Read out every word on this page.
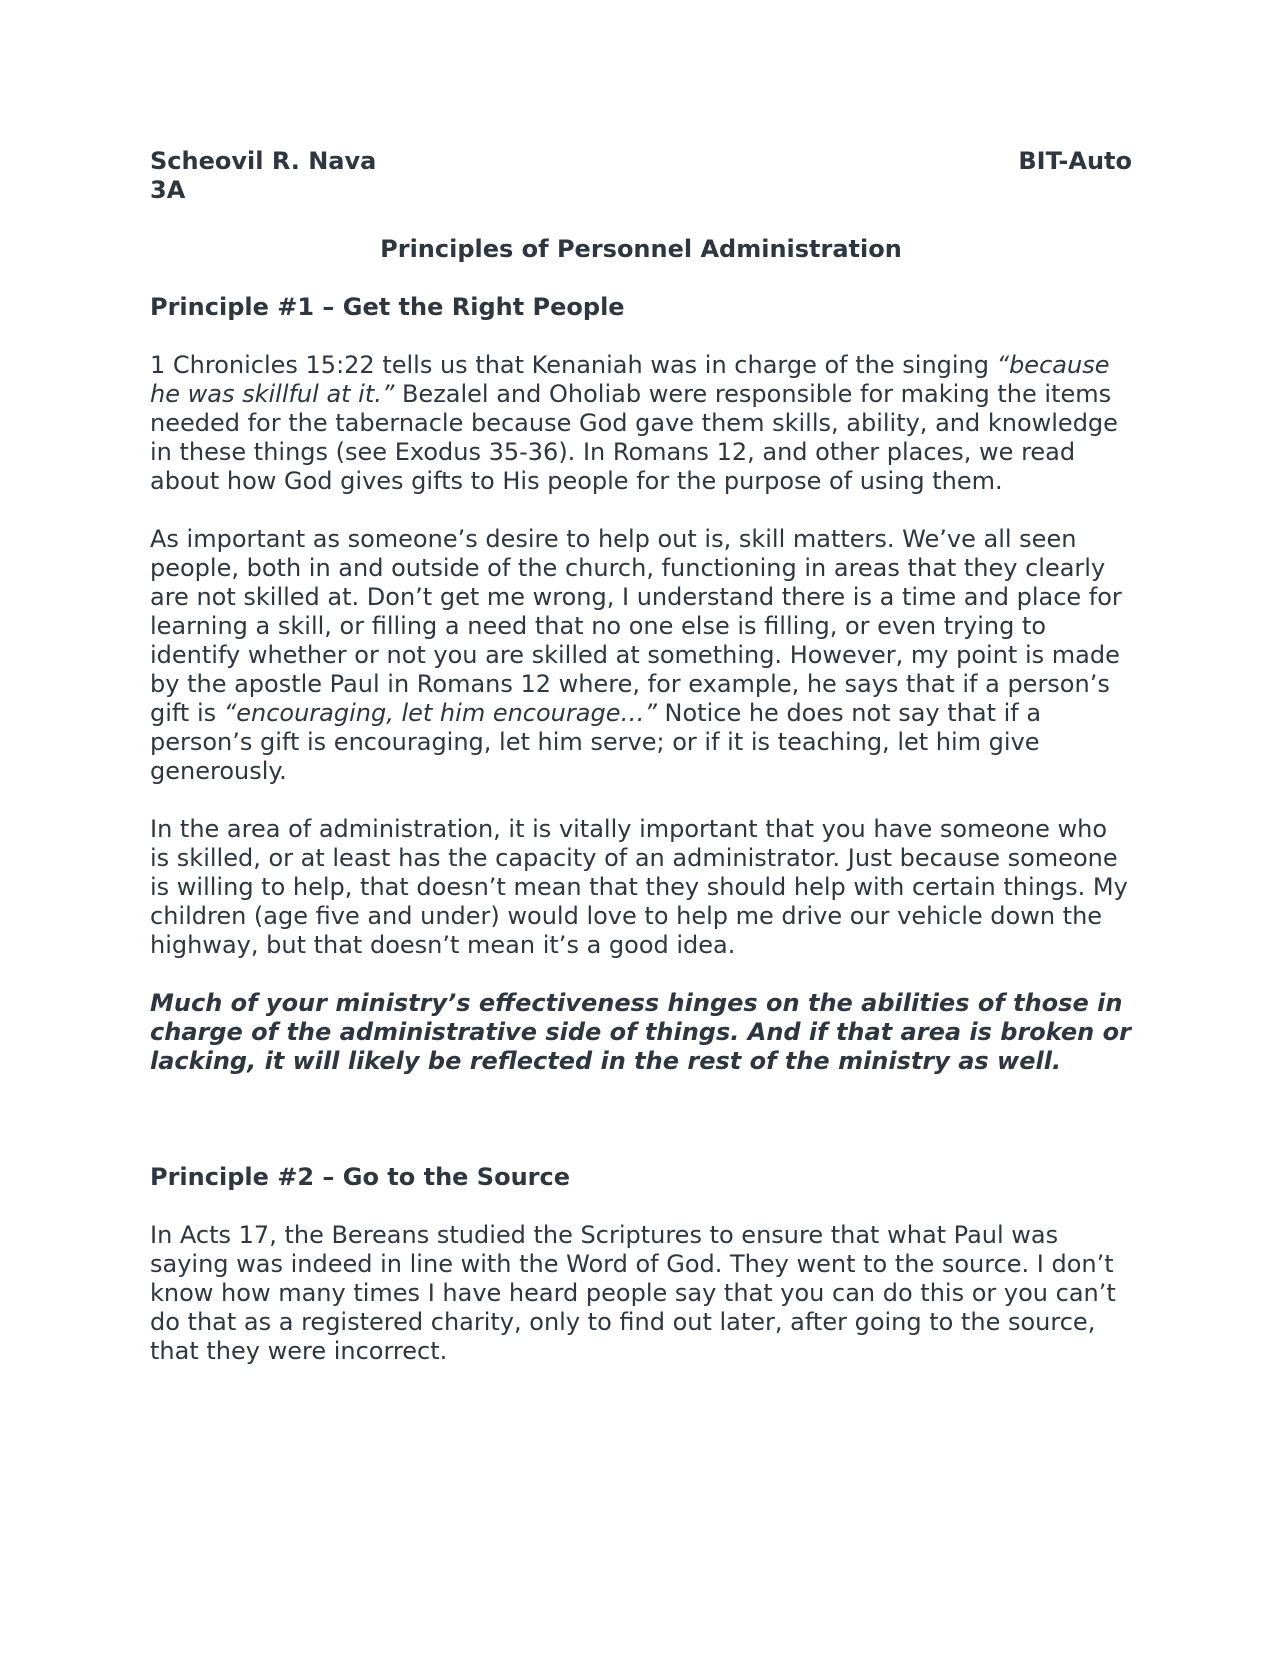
Scheovil R. Nava	BIT-Auto
3A
Principles of Personnel Administration
Principle #1 – Get the Right People

1 Chronicles 15:22 tells us that Kenaniah was in charge of the singing “because he was skillful at it.” Bezalel and Oholiab were responsible for making the items needed for the tabernacle because God gave them skills, ability, and knowledge in these things (see Exodus 35-36). In Romans 12, and other places, we read about how God gives gifts to His people for the purpose of using them.

As important as someone’s desire to help out is, skill matters. We’ve all seen people, both in and outside of the church, functioning in areas that they clearly are not skilled at. Don’t get me wrong, I understand there is a time and place for learning a skill, or filling a need that no one else is filling, or even trying to identify whether or not you are skilled at something. However, my point is made by the apostle Paul in Romans 12 where, for example, he says that if a person’s gift is “encouraging, let him encourage…” Notice he does not say that if a person’s gift is encouraging, let him serve; or if it is teaching, let him give generously.

In the area of administration, it is vitally important that you have someone who is skilled, or at least has the capacity of an administrator. Just because someone is willing to help, that doesn’t mean that they should help with certain things. My children (age five and under) would love to help me drive our vehicle down the highway, but that doesn’t mean it’s a good idea.

Much of your ministry’s effectiveness hinges on the abilities of those in charge of the administrative side of things. And if that area is broken or lacking, it will likely be reflected in the rest of the ministry as well.

Principle #2 – Go to the Source

In Acts 17, the Bereans studied the Scriptures to ensure that what Paul was saying was indeed in line with the Word of God. They went to the source. I don’t know how many times I have heard people say that you can do this or you can’t do that as a registered charity, only to find out later, after going to the source, that they were incorrect.
